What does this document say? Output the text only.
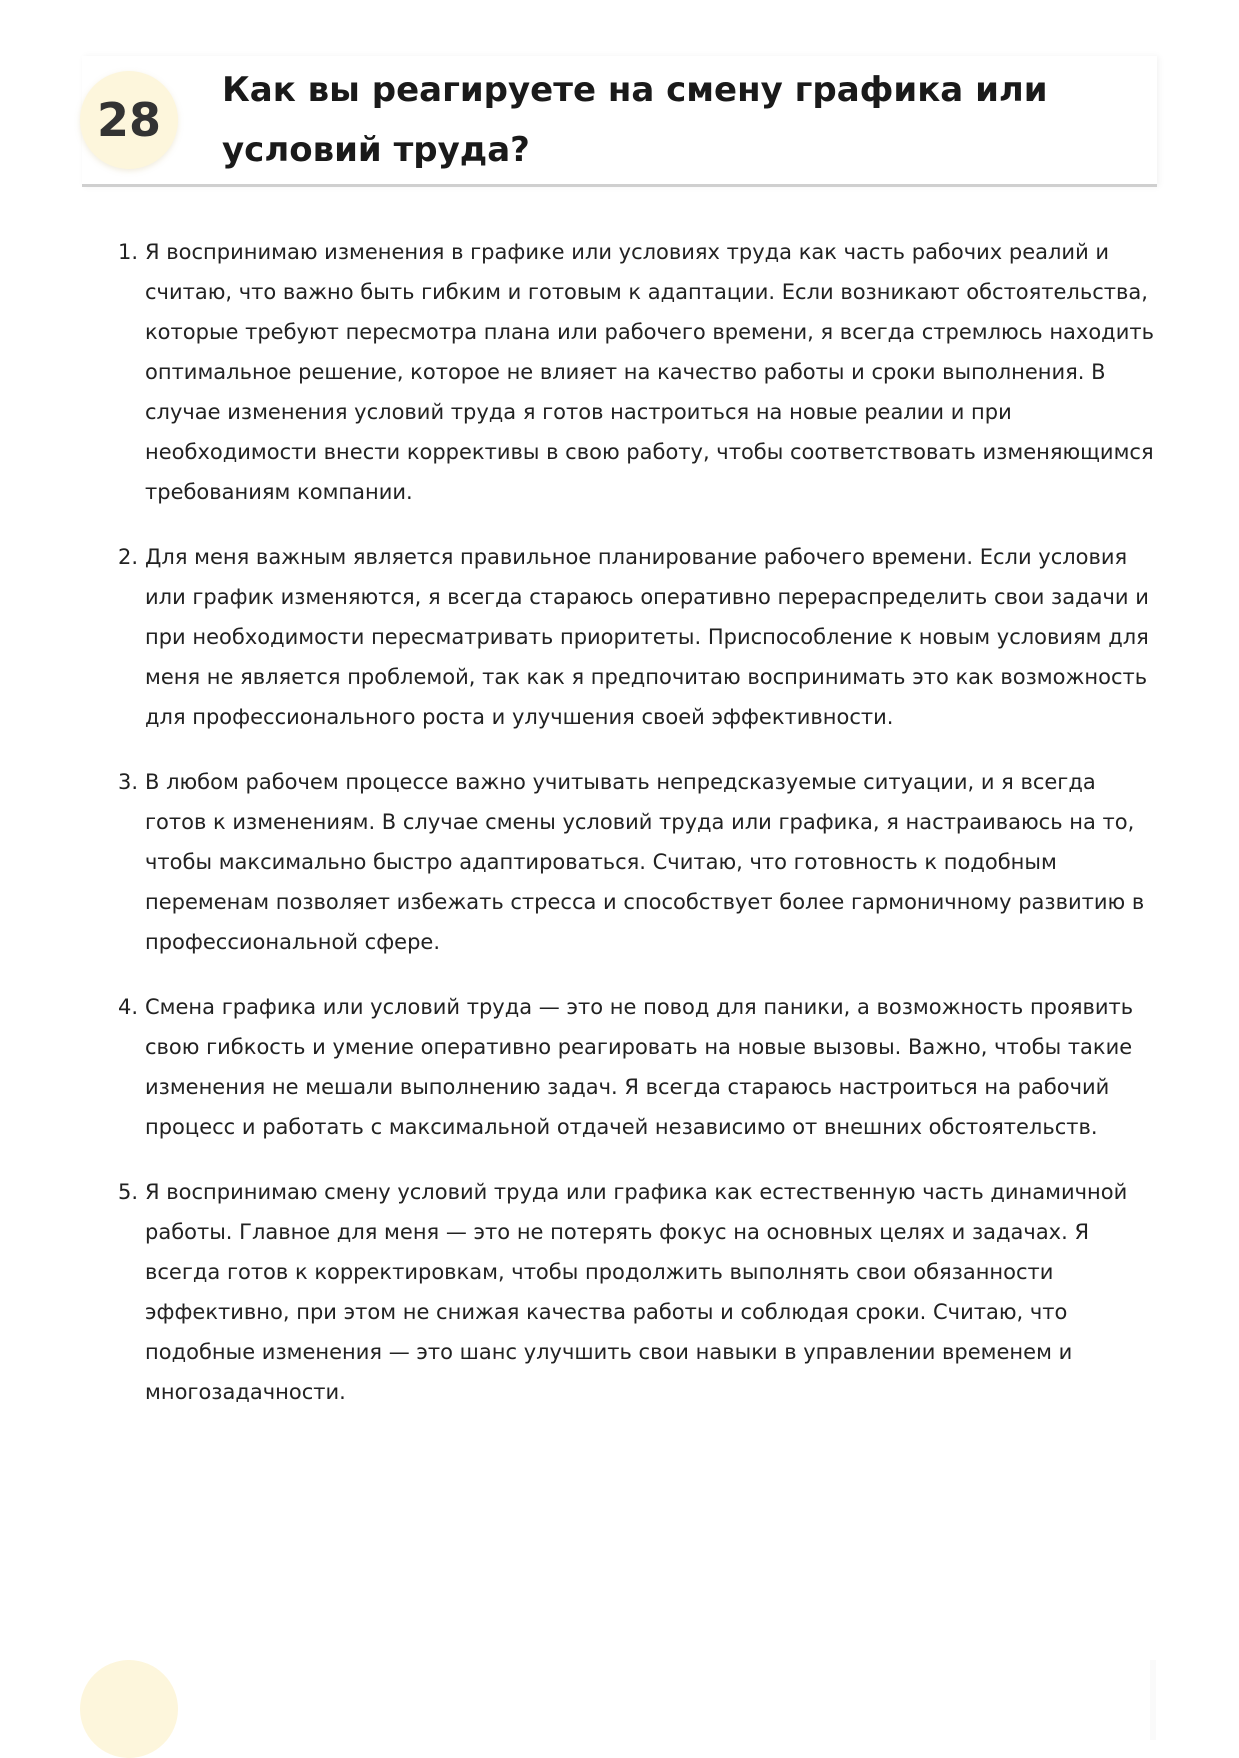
28
Как вы реагируете на смену графика или условий труда?
1. Я воспринимаю изменения в графике или условиях труда как часть рабочих реалий и считаю, что важно быть гибким и готовым к адаптации. Если возникают обстоятельства, которые требуют пересмотра плана или рабочего времени, я всегда стремлюсь находить оптимальное решение, которое не влияет на качество работы и сроки выполнения. В случае изменения условий труда я готов настроиться на новые реалии и при необходимости внести коррективы в свою работу, чтобы соответствовать изменяющимся требованиям компании.
2. Для меня важным является правильное планирование рабочего времени. Если условия или график изменяются, я всегда стараюсь оперативно перераспределить свои задачи и при необходимости пересматривать приоритеты. Приспособление к новым условиям для меня не является проблемой, так как я предпочитаю воспринимать это как возможность для профессионального роста и улучшения своей эффективности.
3. В любом рабочем процессе важно учитывать непредсказуемые ситуации, и я всегда готов к изменениям. В случае смены условий труда или графика, я настраиваюсь на то, чтобы максимально быстро адаптироваться. Считаю, что готовность к подобным переменам позволяет избежать стресса и способствует более гармоничному развитию в профессиональной сфере.
4. Смена графика или условий труда — это не повод для паники, а возможность проявить свою гибкость и умение оперативно реагировать на новые вызовы. Важно, чтобы такие изменения не мешали выполнению задач. Я всегда стараюсь настроиться на рабочий процесс и работать с максимальной отдачей независимо от внешних обстоятельств.
5. Я воспринимаю смену условий труда или графика как естественную часть динамичной работы. Главное для меня — это не потерять фокус на основных целях и задачах. Я всегда готов к корректировкам, чтобы продолжить выполнять свои обязанности эффективно, при этом не снижая качества работы и соблюдая сроки. Считаю, что подобные изменения — это шанс улучшить свои навыки в управлении временем и многозадачности.
